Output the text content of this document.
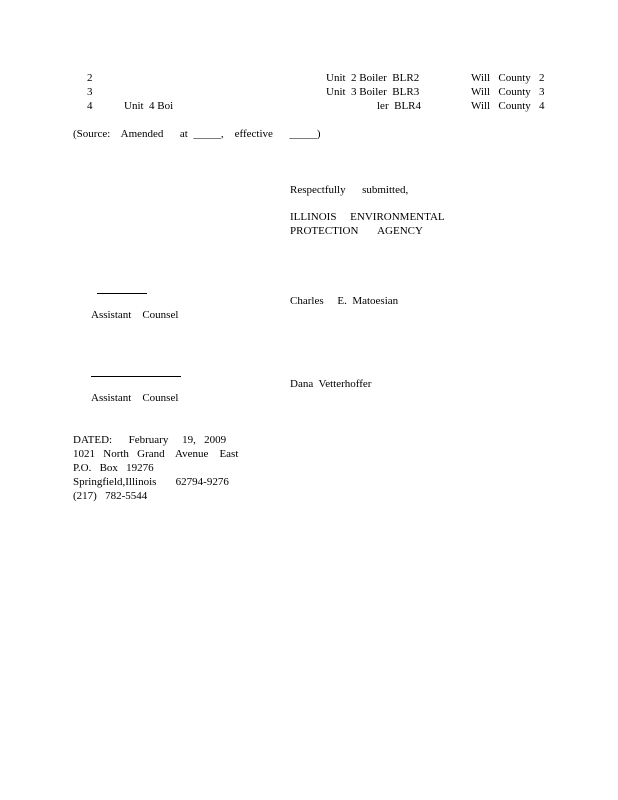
2	Unit  2 Boiler  BLR2	Will   County   2
3	Unit  3 Boiler  BLR3	Will   County   3
4	Unit  4 Boi	ler  BLR4	Will   County   4
(Source:    Amended      at  _____,    effective      _____)
Respectfully      submitted,
ILLINOIS     ENVIRONMENTAL
PROTECTION       AGENCY
Charles     E.  Matoesian
Assistant    Counsel
Dana  Vetterhoffer
Assistant    Counsel
DATED:      February     19,   2009
1021   North   Grand    Avenue    East
P.O.   Box   19276
Springfield,Illinois       62794-9276
(217)   782-5544
